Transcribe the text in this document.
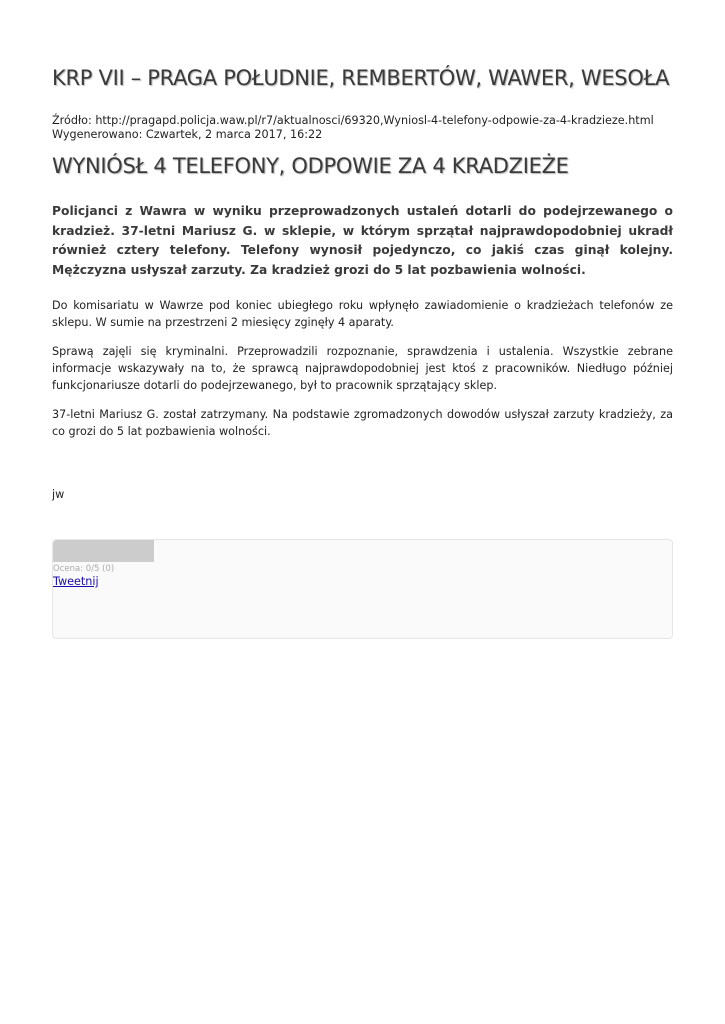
KRP VII – PRAGA POŁUDNIE, REMBERTÓW, WAWER, WESOŁA
Źródło: http://pragapd.policja.waw.pl/r7/aktualnosci/69320,Wyniosl-4-telefony-odpowie-za-4-kradzieze.html
Wygenerowano: Czwartek, 2 marca 2017, 16:22
WYNIÓSŁ 4 TELEFONY, ODPOWIE ZA 4 KRADZIEŻE

Policjanci z Wawra w wyniku przeprowadzonych ustaleń dotarli do podejrzewanego o kradzież. 37-letni Mariusz G. w sklepie, w którym sprzątał najprawdopodobniej ukradł również cztery telefony. Telefony wynosił pojedynczo, co jakiś czas ginął kolejny. Mężczyzna usłyszał zarzuty. Za kradzież grozi do 5 lat pozbawienia wolności.

Do komisariatu w Wawrze pod koniec ubiegłego roku wpłynęło zawiadomienie o kradzieżach telefonów ze sklepu. W sumie na przestrzeni 2 miesięcy zginęły 4 aparaty.

Sprawą zajęli się kryminalni. Przeprowadzili rozpoznanie, sprawdzenia i ustalenia. Wszystkie zebrane informacje wskazywały na to, że sprawcą najprawdopodobniej jest ktoś z pracowników. Niedługo później funkcjonariusze dotarli do podejrzewanego, był to pracownik sprzątający sklep.

37-letni Mariusz G. został zatrzymany. Na podstawie zgromadzonych dowodów usłyszał zarzuty kradzieży, za co grozi do 5 lat pozbawienia wolności.

jw
Ocena: 0/5 (0)
Tweetnij
